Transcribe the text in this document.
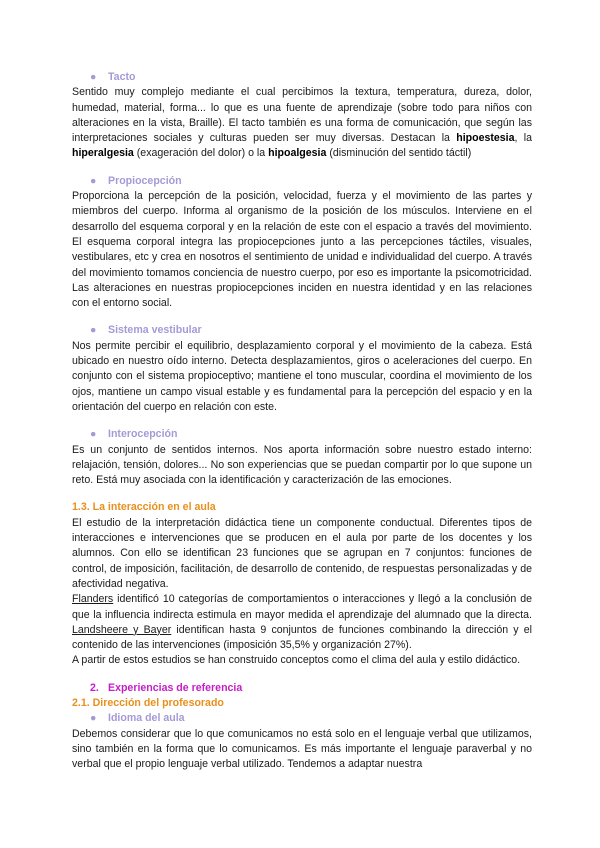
● Tacto
Sentido muy complejo mediante el cual percibimos la textura, temperatura, dureza, dolor, humedad, material, forma... lo que es una fuente de aprendizaje (sobre todo para niños con alteraciones en la vista, Braille). El tacto también es una forma de comunicación, que según las interpretaciones sociales y culturas pueden ser muy diversas. Destacan la hipoestesia, la hiperalgesia (exageración del dolor) o la hipoalgesia (disminución del sentido táctil)
● Propiocepción
Proporciona la percepción de la posición, velocidad, fuerza y el movimiento de las partes y miembros del cuerpo. Informa al organismo de la posición de los músculos. Interviene en el desarrollo del esquema corporal y en la relación de este con el espacio a través del movimiento. El esquema corporal integra las propiocepciones junto a las percepciones táctiles, visuales, vestibulares, etc y crea en nosotros el sentimiento de unidad e individualidad del cuerpo. A través del movimiento tomamos conciencia de nuestro cuerpo, por eso es importante la psicomotricidad. Las alteraciones en nuestras propiocepciones inciden en nuestra identidad y en las relaciones con el entorno social.
● Sistema vestibular
Nos permite percibir el equilibrio, desplazamiento corporal y el movimiento de la cabeza. Está ubicado en nuestro oído interno. Detecta desplazamientos, giros o aceleraciones del cuerpo. En conjunto con el sistema propioceptivo; mantiene el tono muscular, coordina el movimiento de los ojos, mantiene un campo visual estable y es fundamental para la percepción del espacio y en la orientación del cuerpo en relación con este.
● Interocepción
Es un conjunto de sentidos internos. Nos aporta información sobre nuestro estado interno: relajación, tensión, dolores... No son experiencias que se puedan compartir por lo que supone un reto. Está muy asociada con la identificación y caracterización de las emociones.
1.3. La interacción en el aula
El estudio de la interpretación didáctica tiene un componente conductual. Diferentes tipos de interacciones e intervenciones que se producen en el aula por parte de los docentes y los alumnos. Con ello se identifican 23 funciones que se agrupan en 7 conjuntos: funciones de control, de imposición, facilitación, de desarrollo de contenido, de respuestas personalizadas y de afectividad negativa.
Flanders identificó 10 categorías de comportamientos o interacciones y llegó a la conclusión de que la influencia indirecta estimula en mayor medida el aprendizaje del alumnado que la directa. Landsheere y Bayer identifican hasta 9 conjuntos de funciones combinando la dirección y el contenido de las intervenciones (imposición 35,5% y organización 27%).
A partir de estos estudios se han construido conceptos como el clima del aula y estilo didáctico.
2. Experiencias de referencia
2.1. Dirección del profesorado
● Idioma del aula
Debemos considerar que lo que comunicamos no está solo en el lenguaje verbal que utilizamos, sino también en la forma que lo comunicamos. Es más importante el lenguaje paraverbal y no verbal que el propio lenguaje verbal utilizado. Tendemos a adaptar nuestra
